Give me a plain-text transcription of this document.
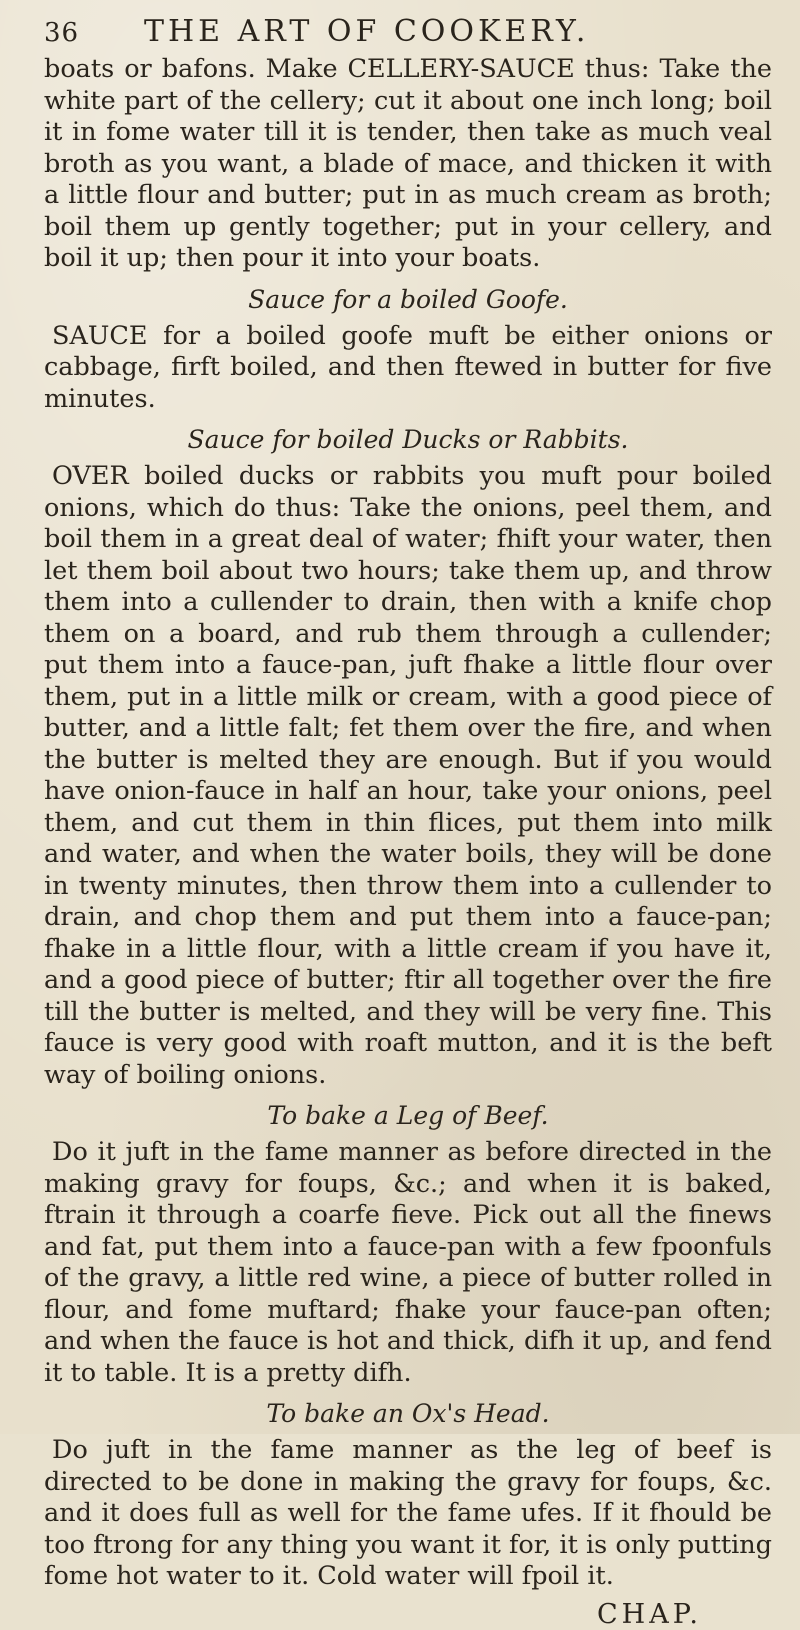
36	THE ART OF COOKERY.

boats or bafons. Make CELLERY-SAUCE thus: Take the white part of the cellery; cut it about one inch long; boil it in fome water till it is tender, then take as much veal broth as you want, a blade of mace, and thicken it with a little flour and butter; put in as much cream as broth; boil them up gently together; put in your cellery, and boil it up; then pour it into your boats.

Sauce for a boiled Goofe.

SAUCE for a boiled goofe muft be either onions or cabbage, firft boiled, and then ftewed in butter for five minutes.

Sauce for boiled Ducks or Rabbits.

OVER boiled ducks or rabbits you muft pour boiled onions, which do thus: Take the onions, peel them, and boil them in a great deal of water; fhift your water, then let them boil about two hours; take them up, and throw them into a cullender to drain, then with a knife chop them on a board, and rub them through a cullender; put them into a fauce-pan, juft fhake a little flour over them, put in a little milk or cream, with a good piece of butter, and a little falt; fet them over the fire, and when the butter is melted they are enough. But if you would have onion-fauce in half an hour, take your onions, peel them, and cut them in thin flices, put them into milk and water, and when the water boils, they will be done in twenty minutes, then throw them into a cullender to drain, and chop them and put them into a fauce-pan; fhake in a little flour, with a little cream if you have it, and a good piece of butter; ftir all together over the fire till the butter is melted, and they will be very fine. This fauce is very good with roaft mutton, and it is the beft way of boiling onions.

To bake a Leg of Beef.

Do it juft in the fame manner as before directed in the making gravy for foups, &c.; and when it is baked, ftrain it through a coarfe fieve. Pick out all the finews and fat, put them into a fauce-pan with a few fpoonfuls of the gravy, a little red wine, a piece of butter rolled in flour, and fome muftard; fhake your fauce-pan often; and when the fauce is hot and thick, difh it up, and fend it to table. It is a pretty difh.

To bake an Ox's Head.

Do juft in the fame manner as the leg of beef is directed to be done in making the gravy for foups, &c. and it does full as well for the fame ufes. If it fhould be too ftrong for any thing you want it for, it is only putting fome hot water to it. Cold water will fpoil it.

CHAP.
